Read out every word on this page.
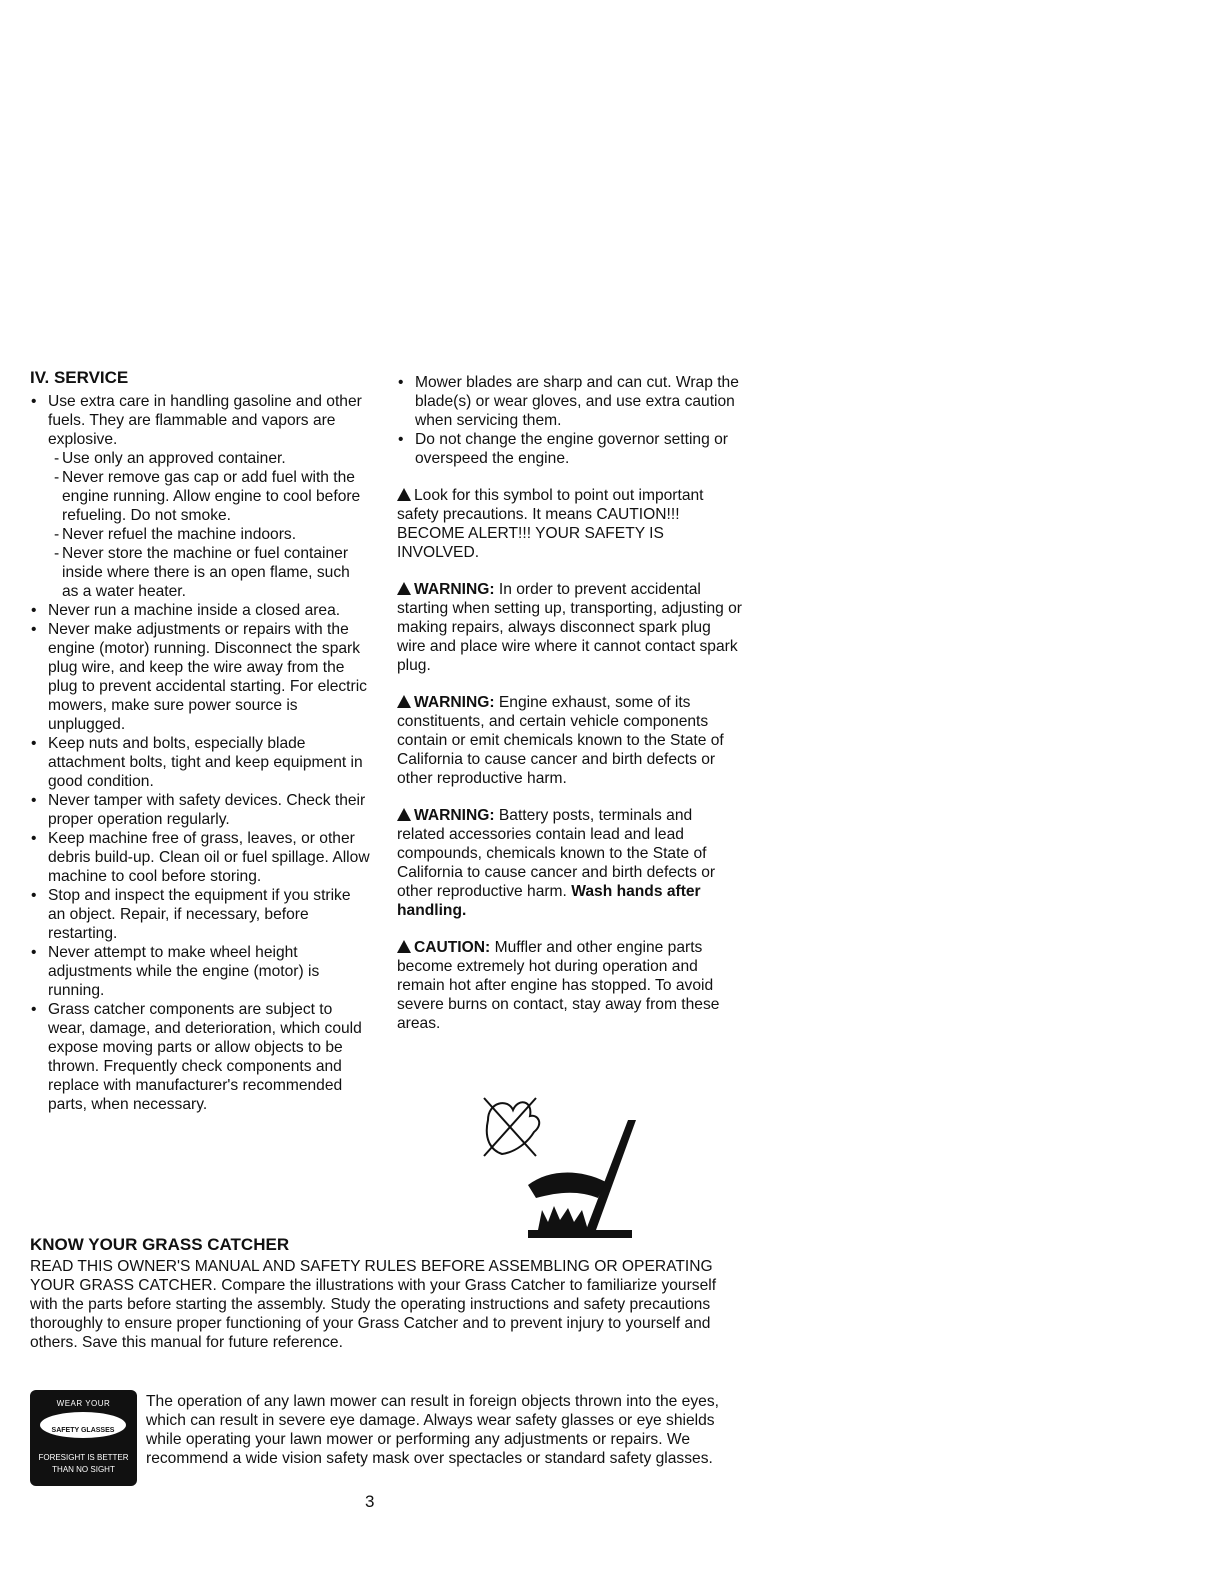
IV. SERVICE
• Use extra care in handling gasoline and other fuels. They are flammable and vapors are explosive.
- Use only an approved container.
- Never remove gas cap or add fuel with the engine running. Allow engine to cool before refueling. Do not smoke.
- Never refuel the machine indoors.
- Never store the machine or fuel container inside where there is an open flame, such as a water heater.
• Never run a machine inside a closed area.
• Never make adjustments or repairs with the engine (motor) running. Disconnect the spark plug wire, and keep the wire away from the plug to prevent accidental starting. For electric mowers, make sure power source is unplugged.
• Keep nuts and bolts, especially blade attachment bolts, tight and keep equipment in good condition.
• Never tamper with safety devices. Check their proper operation regularly.
• Keep machine free of grass, leaves, or other debris build-up. Clean oil or fuel spillage. Allow machine to cool before storing.
• Stop and inspect the equipment if you strike an object. Repair, if necessary, before restarting.
• Never attempt to make wheel height adjustments while the engine (motor) is running.
• Grass catcher components are subject to wear, damage, and deterioration, which could expose moving parts or allow objects to be thrown. Frequently check components and replace with manufacturer's recommended parts, when necessary.
• Mower blades are sharp and can cut. Wrap the blade(s) or wear gloves, and use extra caution when servicing them.
• Do not change the engine governor setting or overspeed the engine.

Look for this symbol to point out important safety precautions. It means CAUTION!!! BECOME ALERT!!! YOUR SAFETY IS INVOLVED.

WARNING: In order to prevent accidental starting when setting up, transporting, adjusting or making repairs, always disconnect spark plug wire and place wire where it cannot contact spark plug.

WARNING: Engine exhaust, some of its constituents, and certain vehicle components contain or emit chemicals known to the State of California to cause cancer and birth defects or other reproductive harm.

WARNING: Battery posts, terminals and related accessories contain lead and lead compounds, chemicals known to the State of California to cause cancer and birth defects or other reproductive harm. Wash hands after handling.

CAUTION: Muffler and other engine parts become extremely hot during operation and remain hot after engine has stopped. To avoid severe burns on contact, stay away from these areas.

KNOW YOUR GRASS CATCHER

READ THIS OWNER'S MANUAL AND SAFETY RULES BEFORE ASSEMBLING OR OPERATING YOUR GRASS CATCHER. Compare the illustrations with your Grass Catcher to familiarize yourself with the parts before starting the assembly. Study the operating instructions and safety precautions thoroughly to ensure proper functioning of your Grass Catcher and to prevent injury to yourself and others. Save this manual for future reference.

WEAR YOUR
SAFETY GLASSES
FORESIGHT IS BETTER
THAN NO SIGHT

The operation of any lawn mower can result in foreign objects thrown into the eyes, which can result in severe eye damage. Always wear safety glasses or eye shields while operating your lawn mower or performing any adjustments or repairs. We recommend a wide vision safety mask over spectacles or standard safety glasses.

3
